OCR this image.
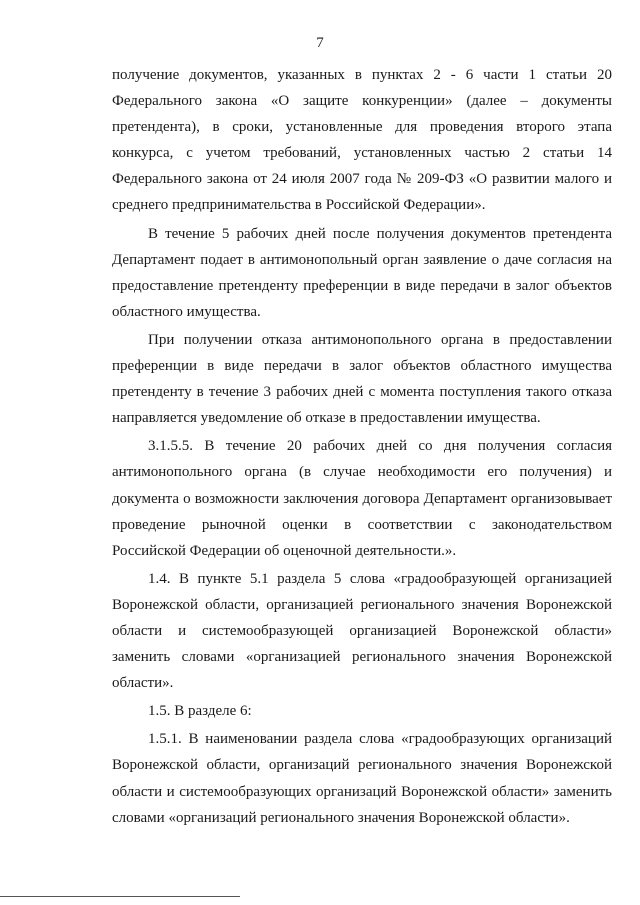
7

получение документов, указанных в пунктах 2 - 6 части 1 статьи 20 Федерального закона «О защите конкуренции» (далее – документы претендента), в сроки, установленные для проведения второго этапа конкурса, с учетом требований, установленных частью 2 статьи 14 Федерального закона от 24 июля 2007 года № 209-ФЗ «О развитии малого и среднего предпринимательства в Российской Федерации».

В течение 5 рабочих дней после получения документов претендента Департамент подает в антимонопольный орган заявление о даче согласия на предоставление претенденту преференции в виде передачи в залог объектов областного имущества.

При получении отказа антимонопольного органа в предоставлении преференции в виде передачи в залог объектов областного имущества претенденту в течение 3 рабочих дней с момента поступления такого отказа направляется уведомление об отказе в предоставлении имущества.

3.1.5.5. В течение 20 рабочих дней со дня получения согласия антимонопольного органа (в случае необходимости его получения) и документа о возможности заключения договора Департамент организовывает проведение рыночной оценки в соответствии с законодательством Российской Федерации об оценочной деятельности.».

1.4. В пункте 5.1 раздела 5 слова «градообразующей организацией Воронежской области, организацией регионального значения Воронежской области и системообразующей организацией Воронежской области» заменить словами «организацией регионального значения Воронежской области».

1.5. В разделе 6:

1.5.1. В наименовании раздела слова «градообразующих организаций Воронежской области, организаций регионального значения Воронежской области и системообразующих организаций Воронежской области» заменить словами «организаций регионального значения Воронежской области».
